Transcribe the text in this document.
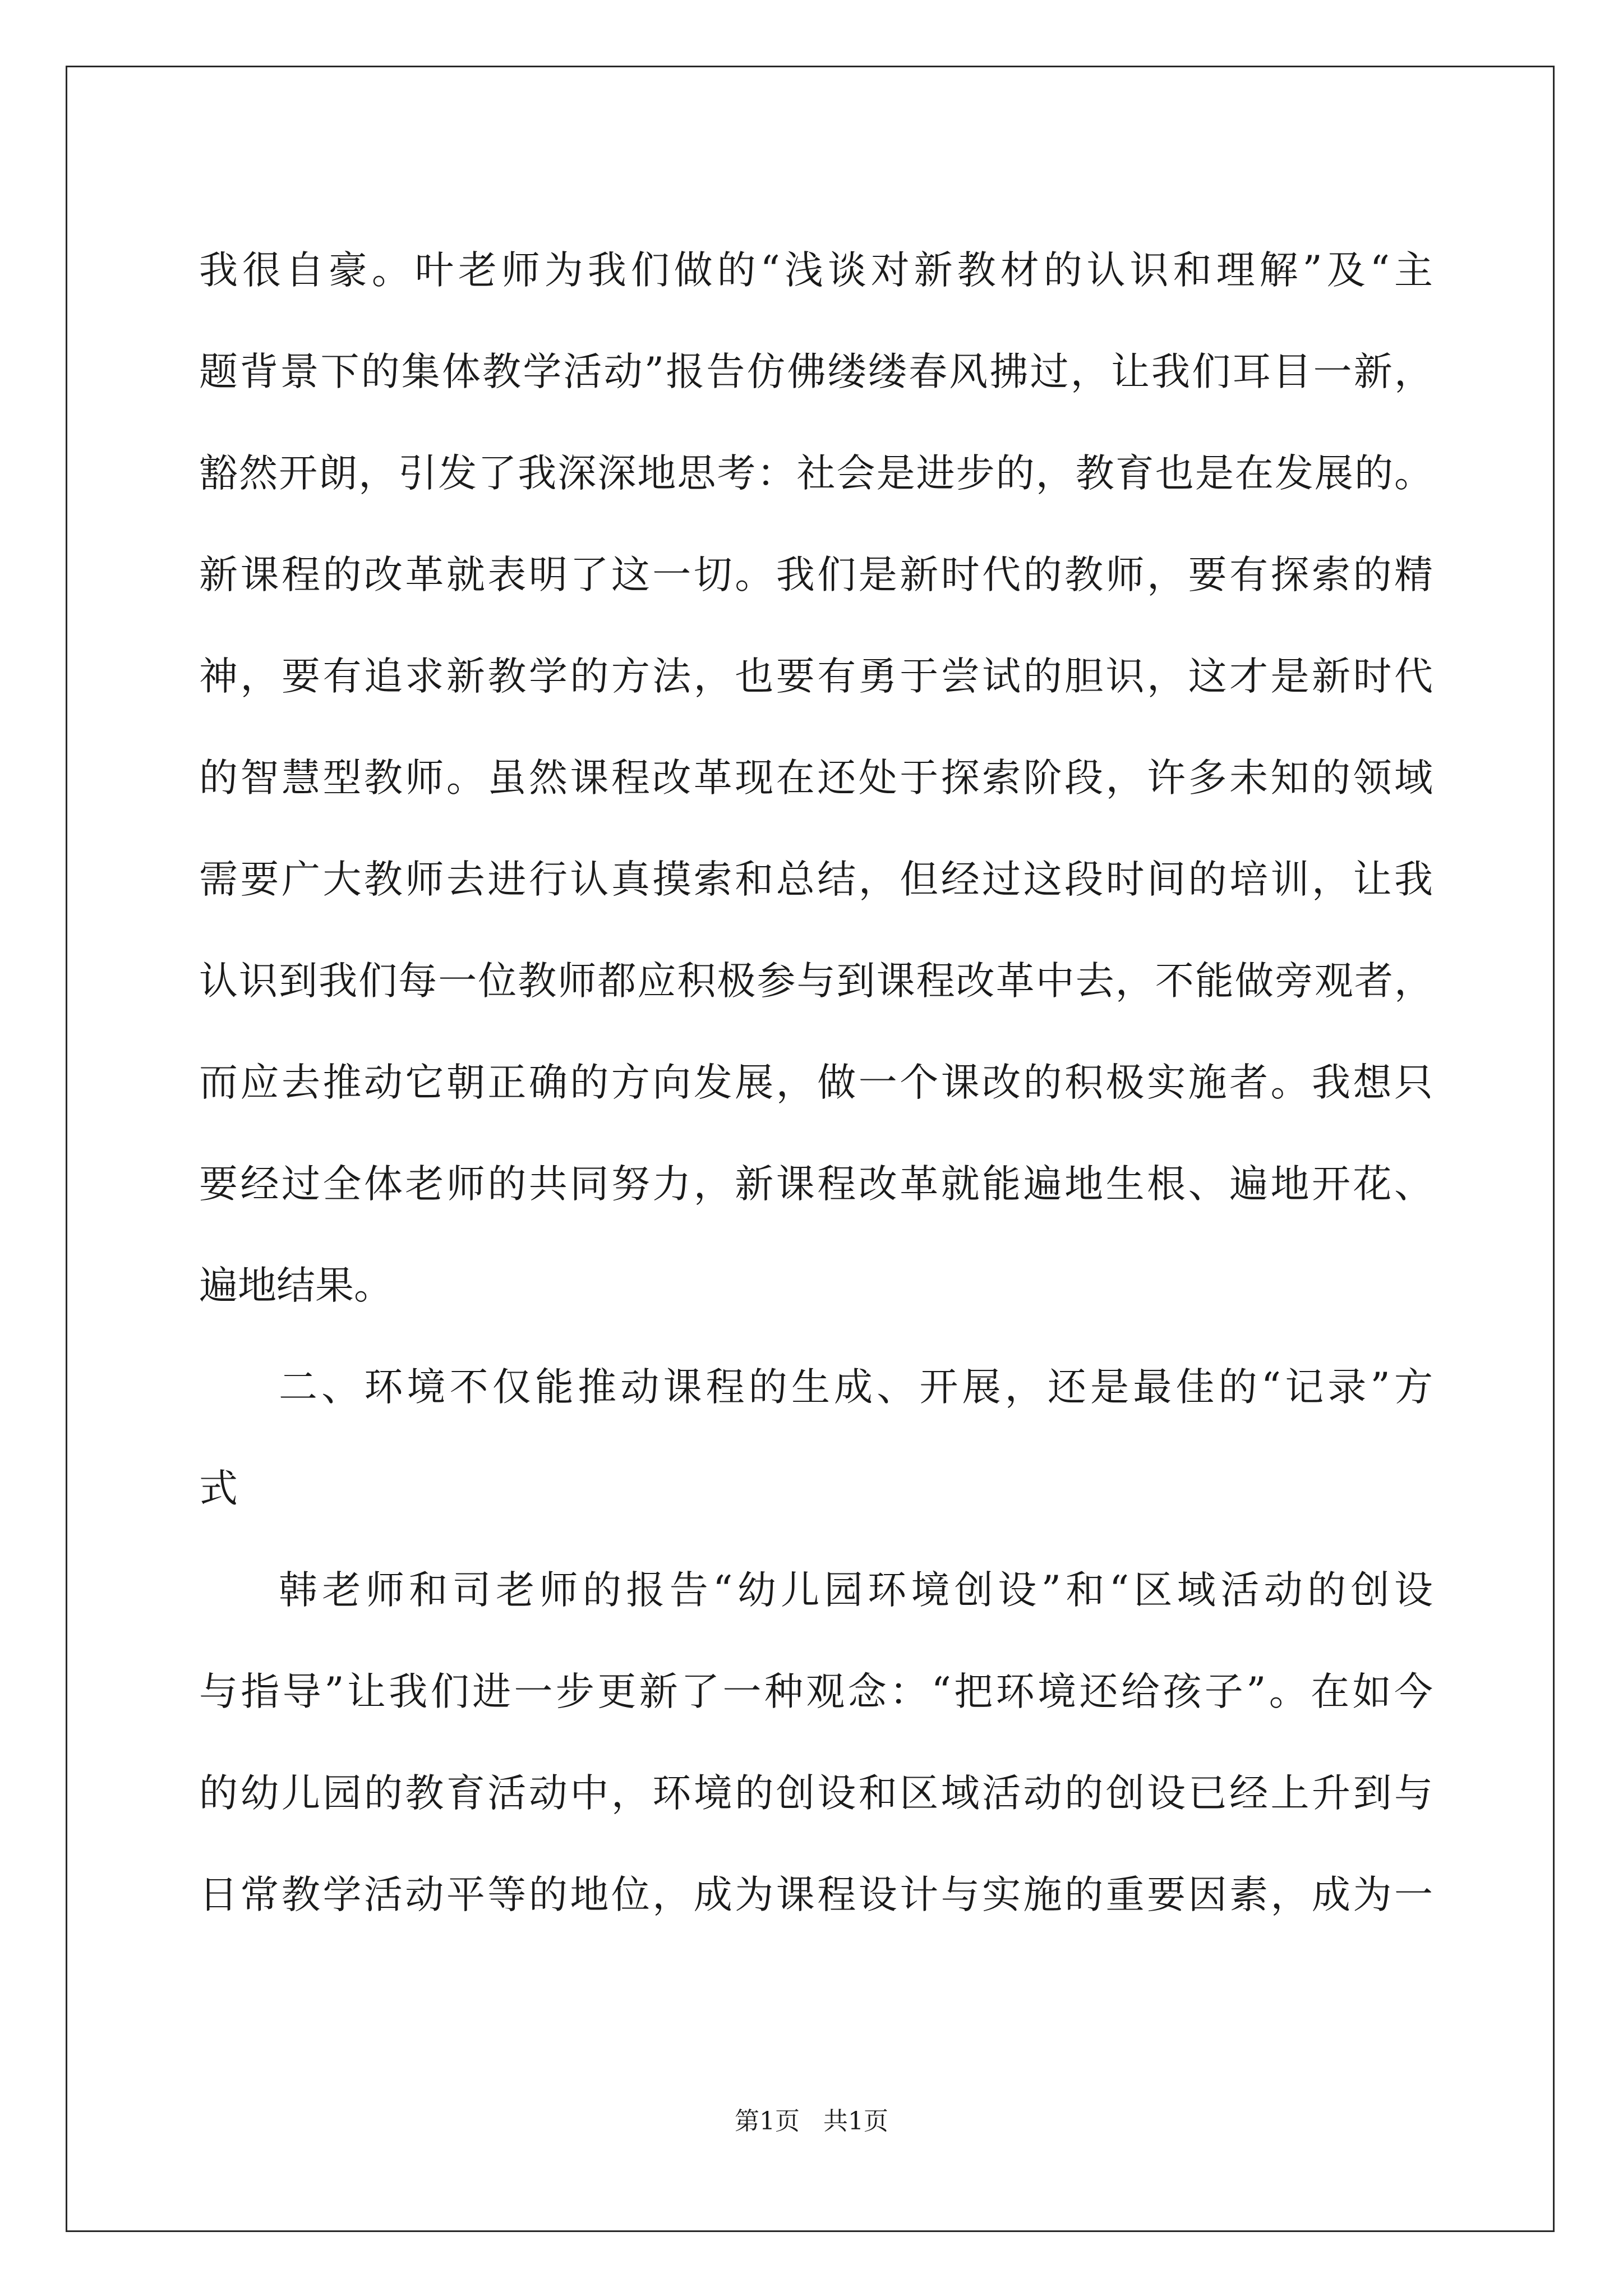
我很自豪。叶老师为我们做的“浅谈对新教材的认识和理解”及“主
题背景下的集体教学活动”报告仿佛缕缕春风拂过，让我们耳目一新，
豁然开朗，引发了我深深地思考：社会是进步的，教育也是在发展的。
新课程的改革就表明了这一切。我们是新时代的教师，要有探索的精
神，要有追求新教学的方法，也要有勇于尝试的胆识，这才是新时代
的智慧型教师。虽然课程改革现在还处于探索阶段，许多未知的领域
需要广大教师去进行认真摸索和总结，但经过这段时间的培训，让我
认识到我们每一位教师都应积极参与到课程改革中去，不能做旁观者，
而应去推动它朝正确的方向发展，做一个课改的积极实施者。我想只
要经过全体老师的共同努力，新课程改革就能遍地生根、遍地开花、
遍地结果。
二、环境不仅能推动课程的生成、开展，还是最佳的“记录”方
式
韩老师和司老师的报告“幼儿园环境创设”和“区域活动的创设
与指导”让我们进一步更新了一种观念：“把环境还给孩子”。在如今
的幼儿园的教育活动中，环境的创设和区域活动的创设已经上升到与
日常教学活动平等的地位，成为课程设计与实施的重要因素，成为一
第1页 共1页
